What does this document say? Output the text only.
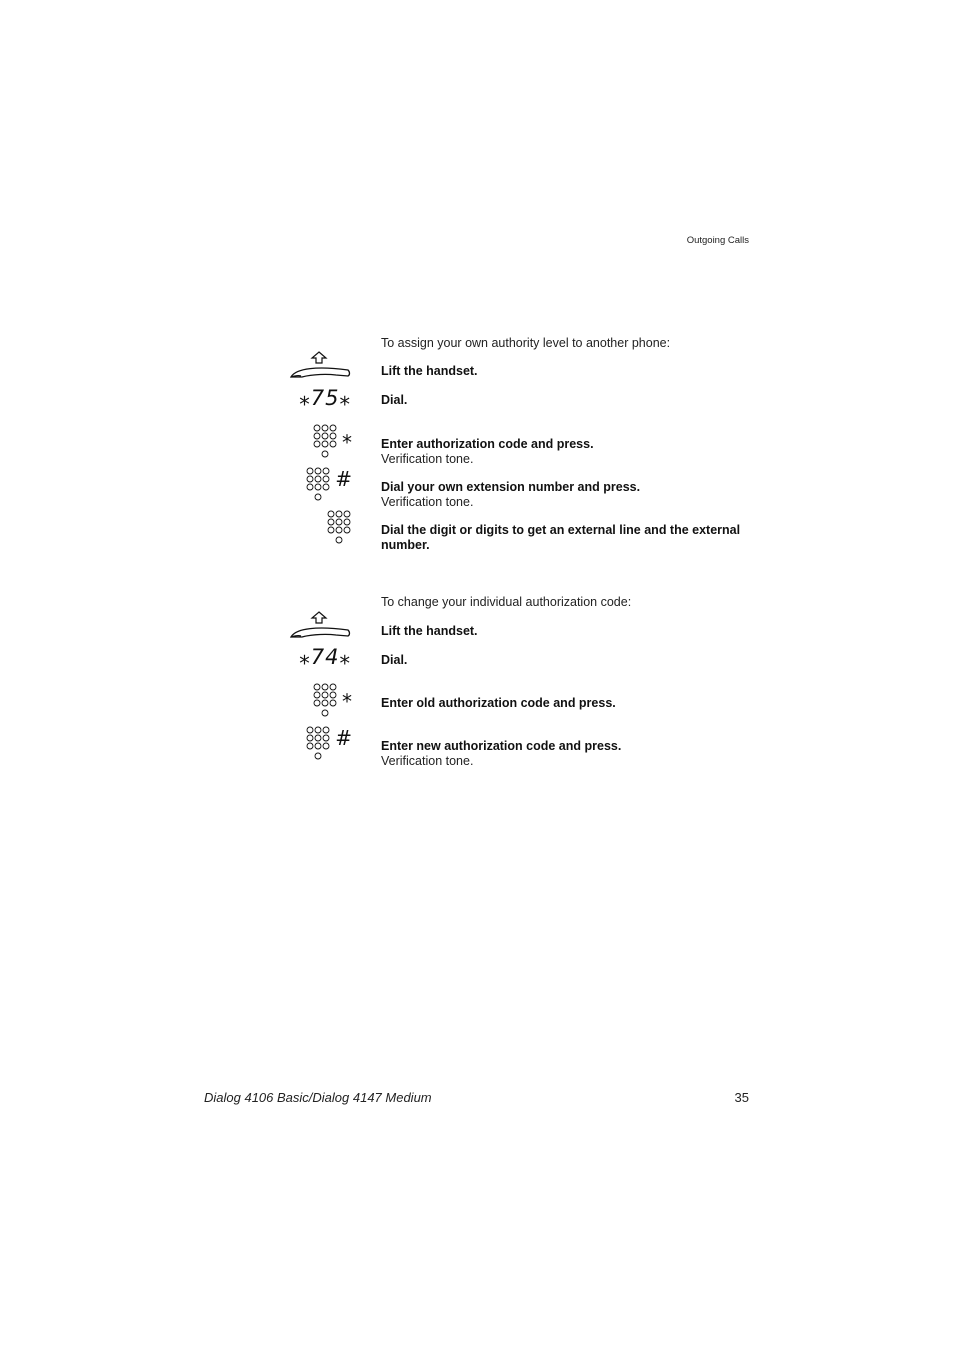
Outgoing Calls
To assign your own authority level to another phone:
Lift the handset.
⁎75⁎ Dial.
⁎ Enter authorization code and press.
Verification tone.
# Dial your own extension number and press.
Verification tone.
Dial the digit or digits to get an external line and the external number.
To change your individual authorization code:
Lift the handset.
⁎74⁎ Dial.
⁎ Enter old authorization code and press.
# Enter new authorization code and press.
Verification tone.
Dialog 4106 Basic/Dialog 4147 Medium	35
